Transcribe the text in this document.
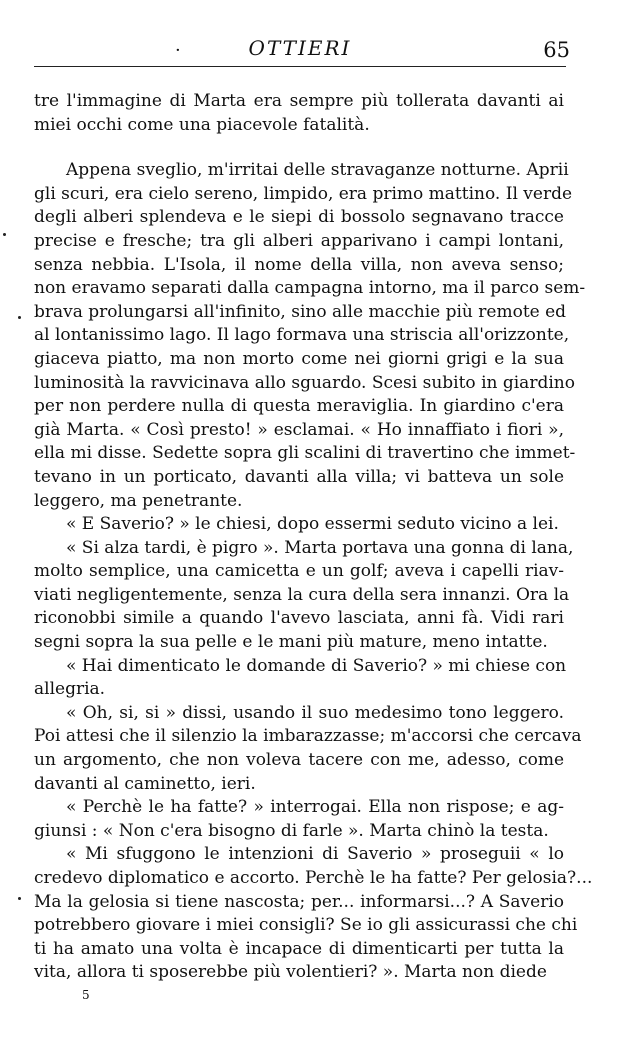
·	OTTIERI	65
tre l'immagine di Marta era sempre più tollerata davanti ai
miei occhi come una piacevole fatalità.
Appena sveglio, m'irritai delle stravaganze notturne. Aprii
gli scuri, era cielo sereno, limpido, era primo mattino. Il verde
degli alberi splendeva e le siepi di bossolo segnavano tracce
precise e fresche; tra gli alberi apparivano i campi lontani,
senza nebbia. L'Isola, il nome della villa, non aveva senso;
non eravamo separati dalla campagna intorno, ma il parco sem-
brava prolungarsi all'infinito, sino alle macchie più remote ed
al lontanissimo lago. Il lago formava una striscia all'orizzonte,
giaceva piatto, ma non morto come nei giorni grigi e la sua
luminosità la ravvicinava allo sguardo. Scesi subito in giardino
per non perdere nulla di questa meraviglia. In giardino c'era
già Marta. « Così presto! » esclamai. « Ho innaffiato i fiori »,
ella mi disse. Sedette sopra gli scalini di travertino che immet-
tevano in un porticato, davanti alla villa; vi batteva un sole
leggero, ma penetrante.
« E Saverio? » le chiesi, dopo essermi seduto vicino a lei.
« Si alza tardi, è pigro ». Marta portava una gonna di lana,
molto semplice, una camicetta e un golf; aveva i capelli riav-
viati negligentemente, senza la cura della sera innanzi. Ora la
riconobbi simile a quando l'avevo lasciata, anni fà. Vidi rari
segni sopra la sua pelle e le mani più mature, meno intatte.
« Hai dimenticato le domande di Saverio? » mi chiese con
allegria.
« Oh, si, si » dissi, usando il suo medesimo tono leggero.
Poi attesi che il silenzio la imbarazzasse; m'accorsi che cercava
un argomento, che non voleva tacere con me, adesso, come
davanti al caminetto, ieri.
« Perchè le ha fatte? » interrogai. Ella non rispose; e ag-
giunsi : « Non c'era bisogno di farle ». Marta chinò la testa.
« Mi sfuggono le intenzioni di Saverio » proseguii « lo
credevo diplomatico e accorto. Perchè le ha fatte? Per gelosia?...
Ma la gelosia si tiene nascosta; per... informarsi...? A Saverio
potrebbero giovare i miei consigli? Se io gli assicurassi che chi
ti ha amato una volta è incapace di dimenticarti per tutta la
vita, allora ti sposerebbe più volentieri? ». Marta non diede
5
